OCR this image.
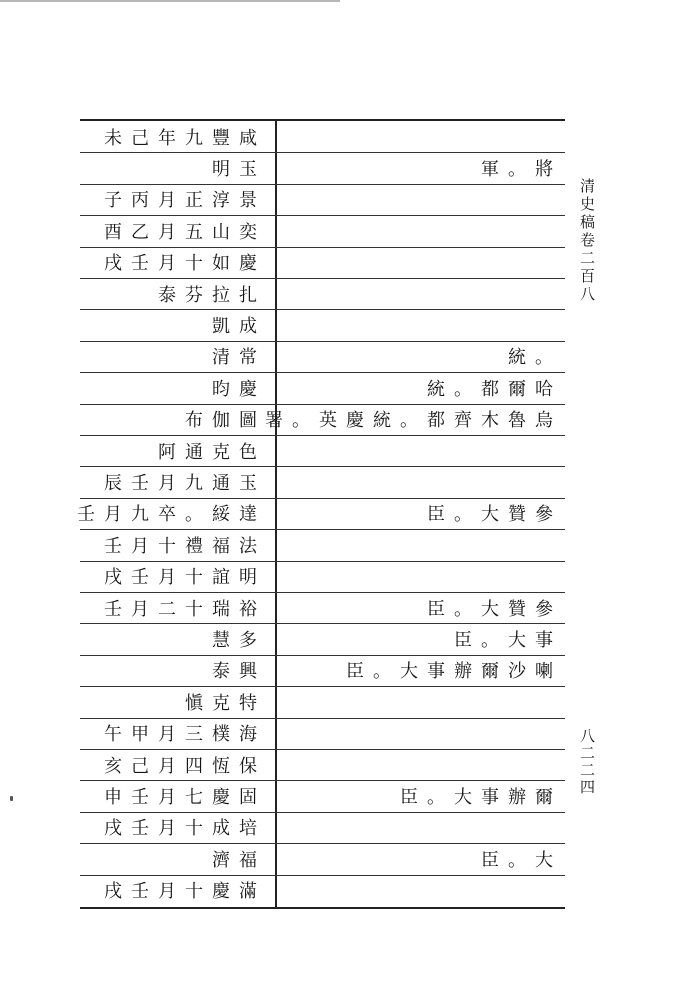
未己年九豐咸
明玉	軍。將
子丙月正淳景
酉乙月五山奕
戌壬月十如慶
泰芬拉扎
凱成
清常	統。
昀慶	統。都爾哈
布伽圖 署。英慶統。都齊木魯烏
阿通克色
辰壬月九通玉
壬月九卒。綏達	臣。大贊參
壬月十禮福法
戌壬月十誼明
壬月二十瑞裕	臣。大贊參
慧多	臣。大事
泰興	臣。大事辦爾沙喇
愼克特
午甲月三樸海
亥己月四恆保
申壬月七慶固	臣。大事辦爾
戌壬月十成培
濟福	臣。大
戌壬月十慶滿
清史稿卷二百八
八二二四
